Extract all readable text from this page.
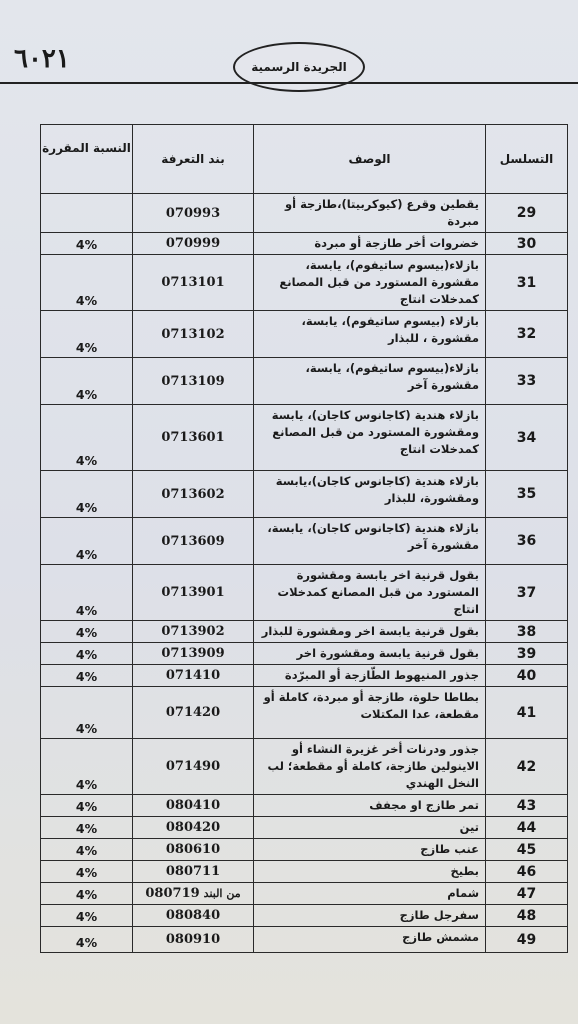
٦٠٢١	الجريدة الرسمية
التسلسل	الوصف	بند التعرفة	النسبة المقررة
29	يقطين وقرع (كيوكربيتا)،طازجة أو مبردة	070993	
30	خضروات أخر طازجة أو مبردة	070999	4%
31	بازلاء(بيسوم ساتيفوم)، يابسة، مقشورة المستورد من قبل المصانع كمدخلات انتاج	0713101	4%
32	بازلاء (بيسوم ساتيفوم)، يابسة، مقشورة ، للبذار	0713102	4%
33	بازلاء(بيسوم ساتيفوم)، يابسة، مقشورة آخر	0713109	4%
34	بازلاء هندية (كاجانوس كاجان)، يابسة ومقشورة المستورد من قبل المصانع كمدخلات انتاج	0713601	4%
35	بازلاء هندية (كاجانوس كاجان)،يابسة ومقشورة، للبذار	0713602	4%
36	بازلاء هندية (كاجانوس كاجان)، يابسة، مقشورة آخر	0713609	4%
37	بقول قرنية اخر يابسة ومقشورة المستورد من قبل المصانع كمدخلات انتاج	0713901	4%
38	بقول قرنية يابسة اخر ومقشورة للبذار	0713902	4%
39	بقول قرنية يابسة ومقشورة اخر	0713909	4%
40	جذور المنيهوط الطّازجة أو المبرّدة	071410	4%
41	بطاطا حلوة، طازجة أو مبردة، كاملة أو مقطعة، عدا المكتلات	071420	4%
42	جذور ودرنات أخر غزيرة النشاء أو الاينولين طازجة، كاملة أو مقطعة؛ لب النخل الهندي	071490	4%
43	تمر طازج او مجفف	080410	4%
44	تين	080420	4%
45	عنب طازج	080610	4%
46	بطيخ	080711	4%
47	شمام	من البند080719	4%
48	سفرجل طازج	080840	4%
49	مشمش طازج	080910	4%
